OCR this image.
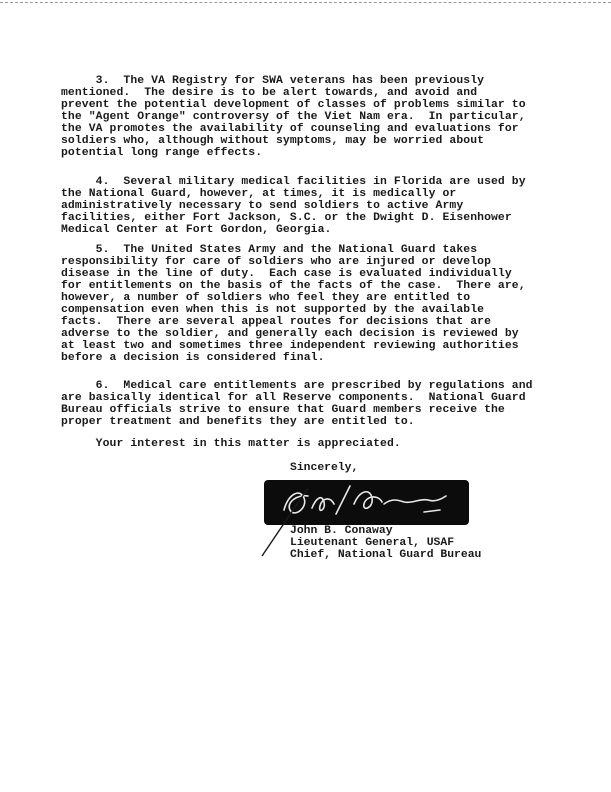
3.  The VA Registry for SWA veterans has been previously
mentioned.  The desire is to be alert towards, and avoid and
prevent the potential development of classes of problems similar to
the "Agent Orange" controversy of the Viet Nam era.  In particular,
the VA promotes the availability of counseling and evaluations for
soldiers who, although without symptoms, may be worried about
potential long range effects.

4.  Several military medical facilities in Florida are used by
the National Guard, however, at times, it is medically or
administratively necessary to send soldiers to active Army
facilities, either Fort Jackson, S.C. or the Dwight D. Eisenhower
Medical Center at Fort Gordon, Georgia.

5.  The United States Army and the National Guard takes
responsibility for care of soldiers who are injured or develop
disease in the line of duty.  Each case is evaluated individually
for entitlements on the basis of the facts of the case.  There are,
however, a number of soldiers who feel they are entitled to
compensation even when this is not supported by the available
facts.  There are several appeal routes for decisions that are
adverse to the soldier, and generally each decision is reviewed by
at least two and sometimes three independent reviewing authorities
before a decision is considered final.

6.  Medical care entitlements are prescribed by regulations and
are basically identical for all Reserve components.  National Guard
Bureau officials strive to ensure that Guard members receive the
proper treatment and benefits they are entitled to.

Your interest in this matter is appreciated.

Sincerely,

John B. Conaway

Lieutenant General, USAF

Chief, National Guard Bureau
